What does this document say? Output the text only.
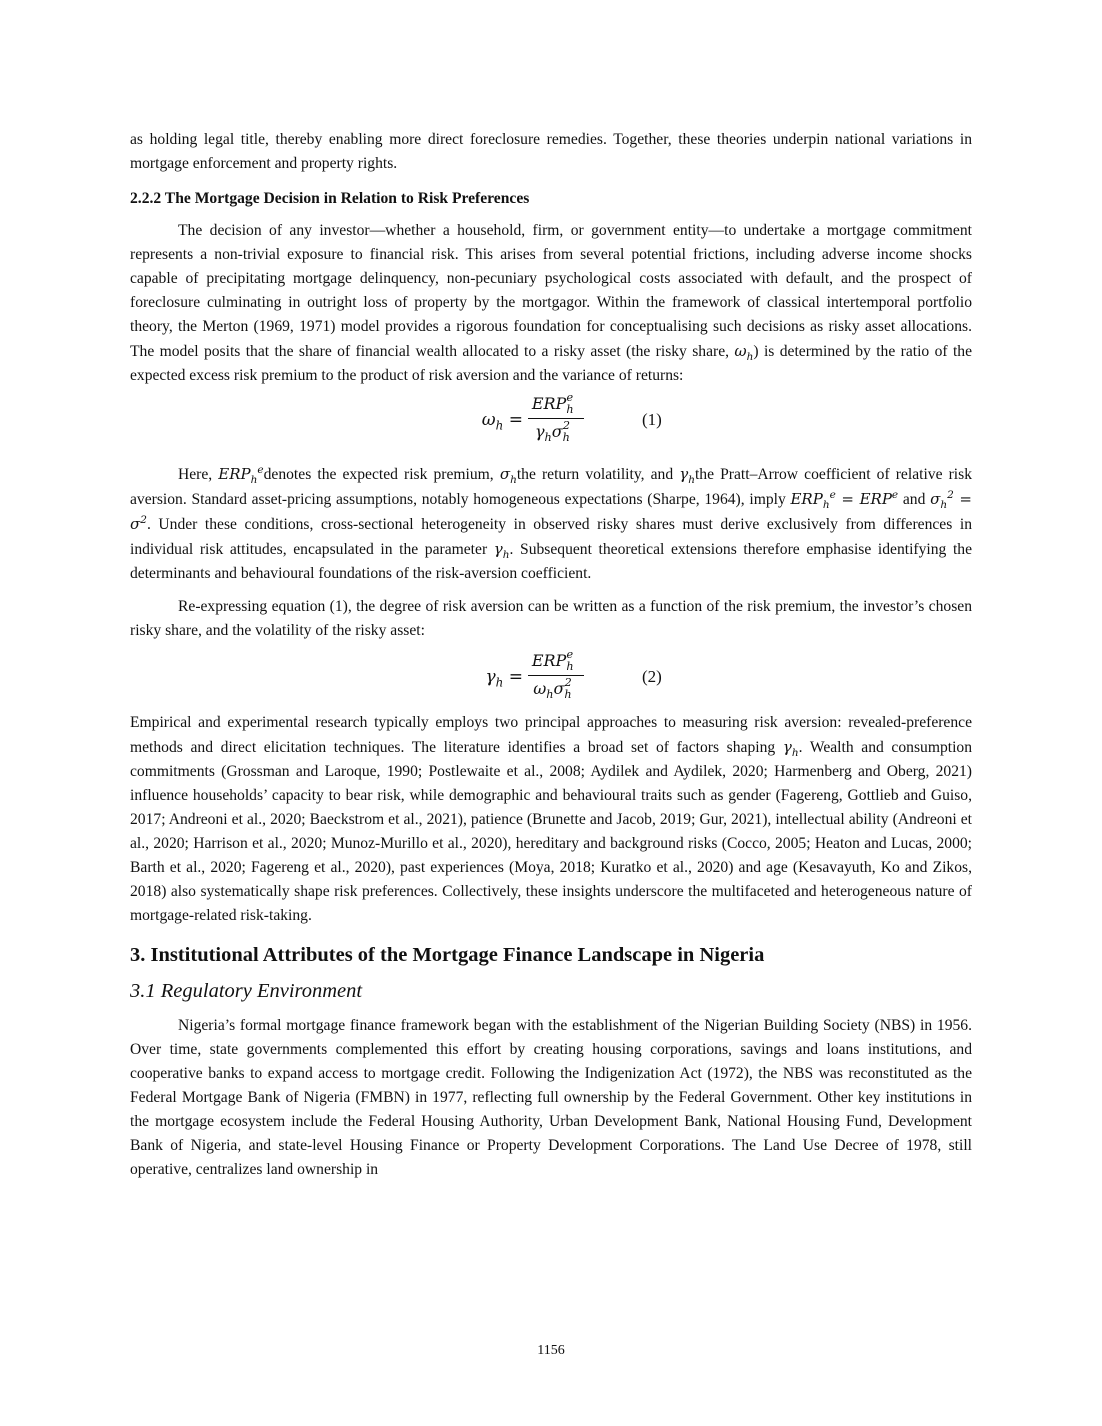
as holding legal title, thereby enabling more direct foreclosure remedies. Together, these theories underpin national variations in mortgage enforcement and property rights.

2.2.2 The Mortgage Decision in Relation to Risk Preferences

The decision of any investor—whether a household, firm, or government entity—to undertake a mortgage commitment represents a non-trivial exposure to financial risk. This arises from several potential frictions, including adverse income shocks capable of precipitating mortgage delinquency, non-pecuniary psychological costs associated with default, and the prospect of foreclosure culminating in outright loss of property by the mortgagor. Within the framework of classical intertemporal portfolio theory, the Merton (1969, 1971) model provides a rigorous foundation for conceptualising such decisions as risky asset allocations. The model posits that the share of financial wealth allocated to a risky asset (the risky share, $\omega_h$) is determined by the ratio of the expected excess risk premium to the product of risk aversion and the variance of returns:

$\omega_h$ =
$ERP_h^e$
$\gamma_h\sigma_h^2$	(1)

Here, $ERP_h^edenotes$ the expected risk premium, $\sigma_hthe$ return volatility, and $\gamma_hthe$ Pratt–Arrow coefficient of relative risk aversion. Standard asset-pricing assumptions, notably homogeneous expectations (Sharpe, 1964), imply $ERP_h^e = ERP^e$ and $\sigma_h^2 = \sigma^2$. Under these conditions, cross-sectional heterogeneity in observed risky shares must derive exclusively from differences in individual risk attitudes, encapsulated in the parameter $\gamma_h$. Subsequent theoretical extensions therefore emphasise identifying the determinants and behavioural foundations of the risk-aversion coefficient.

Re-expressing equation (1), the degree of risk aversion can be written as a function of the risk premium, the investor’s chosen risky share, and the volatility of the risky asset:

$\gamma_h$ =
$ERP_h^e$
$\omega_h\sigma_h^2$	(2)

Empirical and experimental research typically employs two principal approaches to measuring risk aversion: revealed-preference methods and direct elicitation techniques. The literature identifies a broad set of factors shaping $\gamma_h$. Wealth and consumption commitments (Grossman and Laroque, 1990; Postlewaite et al., 2008; Aydilek and Aydilek, 2020; Harmenberg and Oberg, 2021) influence households’ capacity to bear risk, while demographic and behavioural traits such as gender (Fagereng, Gottlieb and Guiso, 2017; Andreoni et al., 2020; Baeckstrom et al., 2021), patience (Brunette and Jacob, 2019; Gur, 2021), intellectual ability (Andreoni et al., 2020; Harrison et al., 2020; Munoz-Murillo et al., 2020), hereditary and background risks (Cocco, 2005; Heaton and Lucas, 2000; Barth et al., 2020; Fagereng et al., 2020), past experiences (Moya, 2018; Kuratko et al., 2020) and age (Kesavayuth, Ko and Zikos, 2018) also systematically shape risk preferences. Collectively, these insights underscore the multifaceted and heterogeneous nature of mortgage-related risk-taking.

3. Institutional Attributes of the Mortgage Finance Landscape in Nigeria
3.1 Regulatory Environment

Nigeria’s formal mortgage finance framework began with the establishment of the Nigerian Building Society (NBS) in 1956. Over time, state governments complemented this effort by creating housing corporations, savings and loans institutions, and cooperative banks to expand access to mortgage credit. Following the Indigenization Act (1972), the NBS was reconstituted as the Federal Mortgage Bank of Nigeria (FMBN) in 1977, reflecting full ownership by the Federal Government. Other key institutions in the mortgage ecosystem include the Federal Housing Authority, Urban Development Bank, National Housing Fund, Development Bank of Nigeria, and state-level Housing Finance or Property Development Corporations. The Land Use Decree of 1978, still operative, centralizes land ownership in

1156
